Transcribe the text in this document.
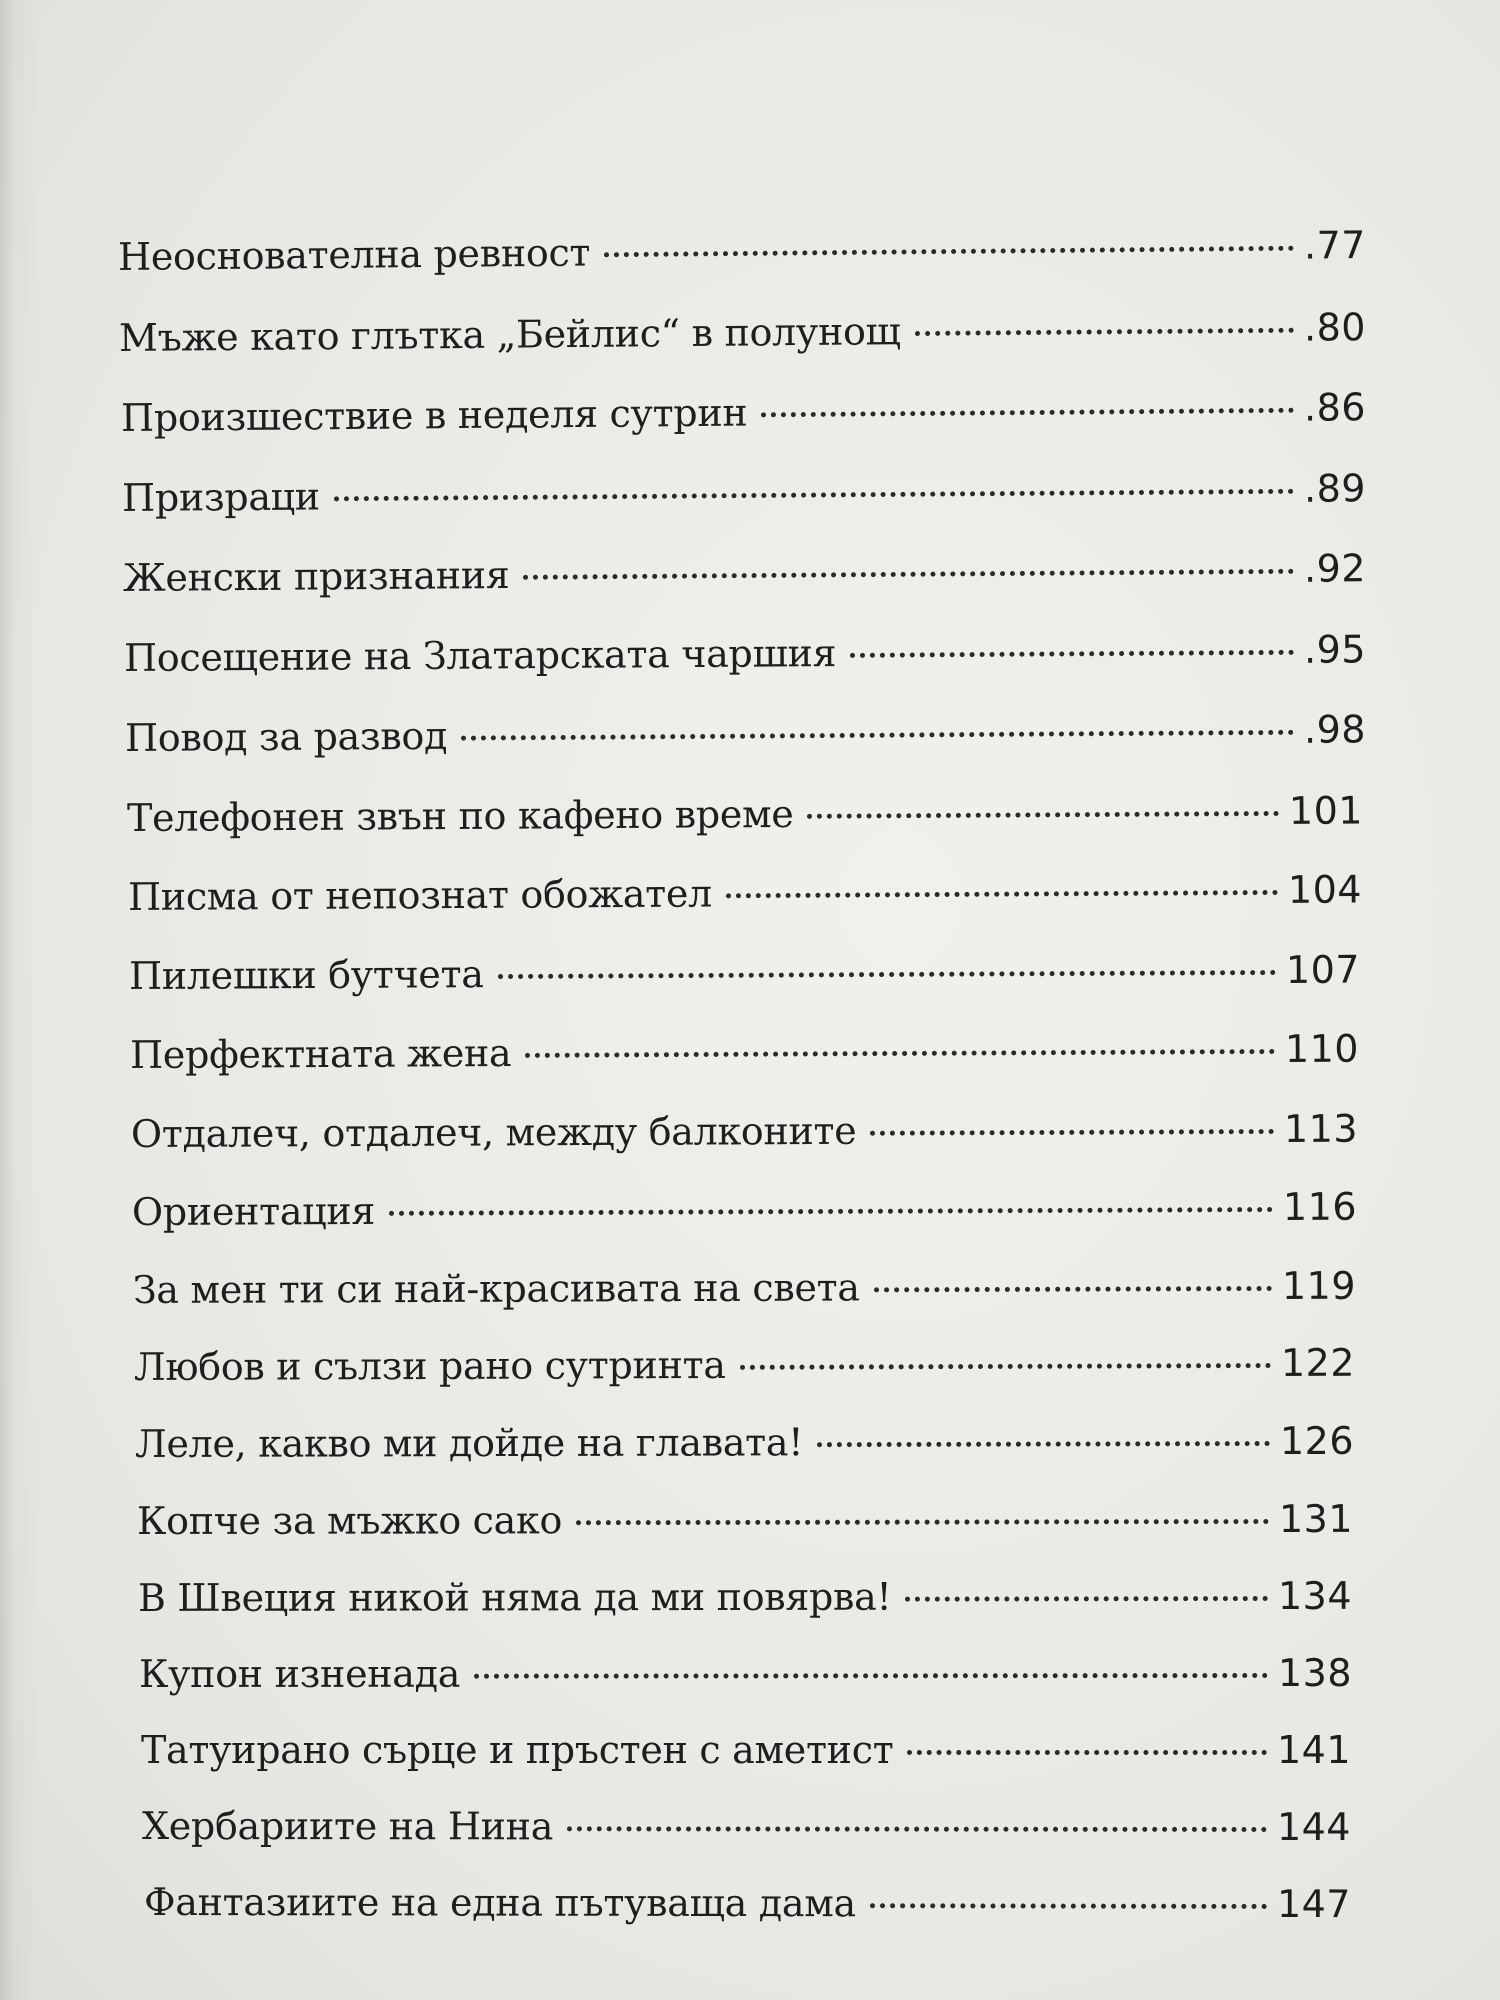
Неоснователна ревност	.77
Мъже като глътка „Бейлис“ в полунощ	.80
Произшествие в неделя сутрин	.86
Призраци	.89
Женски признания	.92
Посещение на Златарската чаршия	.95
Повод за развод	.98
Телефонен звън по кафено време	101
Писма от непознат обожател	104
Пилешки бутчета	107
Перфектната жена	110
Отдалеч, отдалеч, между балконите	113
Ориентация	116
За мен ти си най-красивата на света	119
Любов и сълзи рано сутринта	122
Леле, какво ми дойде на главата!	126
Копче за мъжко сако	131
В Швеция никой няма да ми повярва!	134
Купон изненада	138
Татуирано сърце и пръстен с аметист	141
Хербариите на Нина	144
Фантазиите на една пътуваща дама	147
